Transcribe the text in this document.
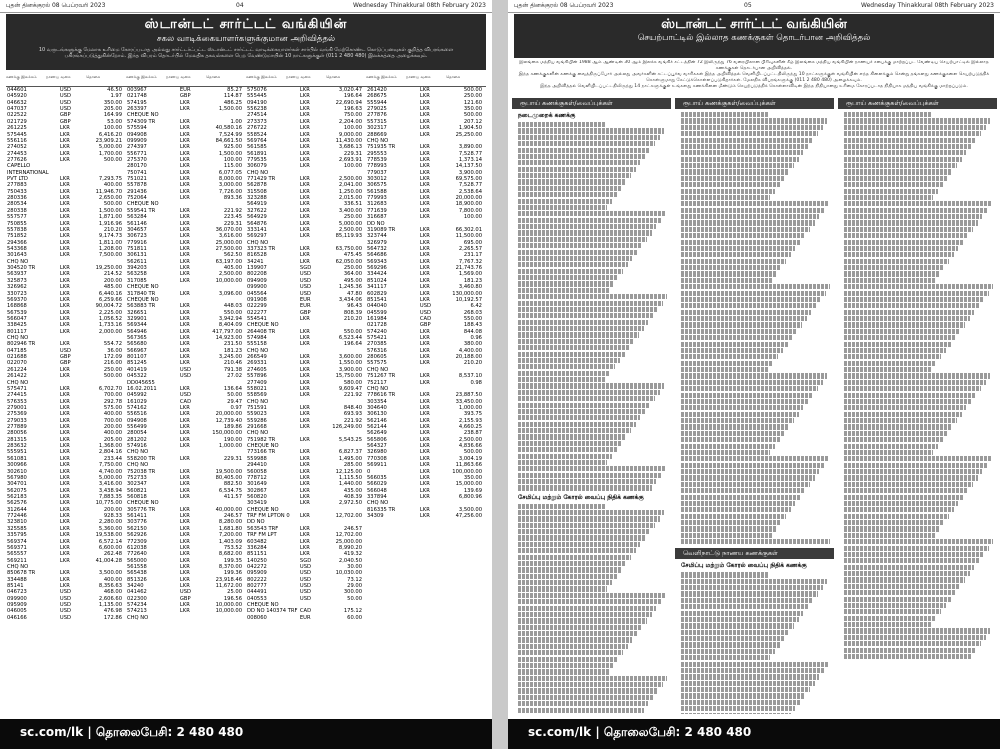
புதன் தினக்குரல் 08 பெப்ரவரி 2023	04	Wednesday Thinakkural 08th February 2023
ஸ்டான்டட் சார்ட்டட் வங்கியின்
சகல வாடிக்கையாளர்களுக்குமான அறிவித்தல்
10 வருடங்களுக்கு மேலாக உரிமை கோரப்படாத அல்லது சார்ட்டர்ட்பட்ட ஸ்டான்டட் சார்ட்டட் வாடிக்கையாளர்கள் சார்பில் வங்கி மேற்கொண்ட கொடுப்பனவுகள் குறித்த விபரங்களை பகிரங்கப்படுத்துகின்றோம். இந்த விபரம் தொடர்பில் மேலதிக தகவல்களை பெற வேண்டுமாயின் 10 நாட்களுக்குள் (011 2 480 480) இலக்கத்தை அழைக்கவும்.
கணக்கு இலக்கம்	நாணய வகை	தொகை	கணக்கு இலக்கம்	நாணய வகை	தொகை	கணக்கு இலக்கம்	நாணய வகை	தொகை	கணக்கு இலக்கம்	நாணய வகை	தொகை
044601	USD	46.50
045920	USD	1.97
046632	USD	350.00
047037	USD	205.00
022522	GBP	164.99
021729	GBP	53.00
261225	LKR	100.00
575445	LKR	6,416.20
556116	LKR	23,909.21
274052	LKR	5,000.00
274453	LKR	1,700.00
277626	LKR	500.00
CAPELLO
INTERNATIONAL
PVT LTD	LKR	7,293.75
277883	LKR	400.00
750433	LKR	11,946.70
280336	LKR	2,650.00
280534	LKR	500.00
280338	LKR	1,500.00
557577	LKR	1,871.00
750855	LKR	1,916.96
557838	LKR	210.20
751852	LKR	9,174.73
294366	LKR	1,811.00
543368	LKR	1,208.00
301643	LKR	7,500.00
CHQ NO
304520 TR	LKR	19,250.00
563937	LKR	214.52
325873	LKR	200.00
326962	LKR	485.00
330723	LKR	6,440.16
569370	LKR	6,259.66
168868	LKR	90,004.72
567539	LKR	2,225.00
566047	LKR	1,056.52
338425	LKR	1,733.16
801117	LKR	2,000.00
CHQ NO
802946 TR	LKR	554.72
047185	USD	36.00
021688	GBP	172.09
022070	GBP	216.00
261224	LKR	250.00
261422	LKR	500.00
CHQ NO
575471	LKR	6,702.70
274415	LKR	700.00
576353	LKR	292.78
279001	LKR	575.00
275369	LKR	400.00
279033	LKR	700.00
277889	LKR	200.00
280056	LKR	400.00
281315	LKR	205.00
283632	LKR	1,368.00
555951	LKR	2,804.16
561081	LKR	233.44
300966	LKR	7,750.00
302610	LKR	4,740.00
567980	LKR	5,000.00
304701	LKR	3,416.00
562075	LKR	3,438.94
562183	LKR	7,883.35
562576	LKR	10,775.00
312644	LKR	200.00
772446	LKR	928.33
323810	LKR	2,280.00
325585	LKR	5,360.00
335795	LKR	19,538.00
569374	LKR	6,572.14
569371	LKR	6,600.00
565557	LKR	262.48
569211	LKR	41,004.28
CHQ NO
850678 TR	LKR	3,500.00
334488	LKR	400.00
85141	LKR	8,356.63
046723	USD	468.00
099900	USD	2,606.60
095909	USD	1,135.00
046005	USD	476.98
046166	USD	172.86
003967	EUR	85.27
021748	GBP	114.87
574195	LKR	486.25
263397	LKR	1,500.00
CHEQUE NO
574309 TR	LKR	1.00
575594	LKR	40,580.16
094908	LKR	7,524.99
099909	LKR	84,661.50
274397	LKR	925.00
556771	LKR	1,500.00
275370	LKR	100.00
280170	LKR	115.00
750741	LKR	6,077.05
751021	LKR	8,000.00
557878	LKR	3,000.00
291436	LKR	7,726.00
752064	LKR	893.36
CHEQUE NO
559541 TR	LKR	221.92
563284	LKR	223.45
561146	LKR	229.31
304657	LKR	36,070.00
306723	LKR	3,616.00
779916	LKR	25,000.00
751811	LKR	27,500.00
306131	LKR	562.50
562611	LKR	63,197.00
394203	LKR	405.00
563258	LKR	2,500.00
317085	LKR	10,000.00
CHEQUE NO
317840 TR	LKR	3,096.00
CHEQUE NO
563883 TR	LKR	448.03
326651	LKR	550.00
329901	LKR	3,942.94
569344	LKR	8,404.09
564946	LKR	417,797.00
567365	LKR	14,923.00
565680	LKR	231.50
566967	LKR	181.23
801107	LKR	3,245.00
851245	LKR	210.46
401419	USD	791.38
045322	USD	27.02
DD045655
16.02.2011	LKR	136.64
045992	USD	50.00
161029	CAD	29.47
574162	LKR	0.97
556516	LKR	20,000.00
094908	LKR	12,739.40
556499	LKR	189.86
280054	LKR	150,000.00
281202	LKR	190.00
574916	LKR	1,000.00
CHQ NO
558200 TR	LKR	229.31
CHQ NO
752038 TR	LKR	19,500.00
752733	LKR	80,405.00
302347	LKR	882.50
560821	LKR	6,534.75
560818	LKR	411.57
CHEQUE NO
305776 TR	LKR	40,000.00
561411	LKR	246.57
303776	LKR	8,280.00
562150	LKR	1,681.80
562926	LKR	7,200.00
772309	LKR	1,403.09
612038	LKR	753.52
772640	LKR	8,682.00
565000	LKR	199.35
561558	LKR	8,370.00
565438	LKR	199.36
851326	LKR	23,918.46
34240	LKR	11,672.00
041462	USD	25.00
022300	GBP	196.56
574234	LKR	10,000.00
574213	LKR	10,000.00
CHQ NO
575076	LKR	3,020.47
555445	LKR	196.64
094190	LKR	22,690.94
556238	LKR	196.63
274514	LKR	750.00
273373	LKR	2,204.00
276722	LKR	100.00
558524	LKR	9,000.00
569764	LKR	11,430.00
561585	LKR	3,686.13
561891	LKR	229.31
779535	LKR	2,693.91
306079	LKR	100.00
CHQ NO
771429 TR	LKR	2,500.00
562878	LKR	2,041.00
315508	LKR	1,250.00
323288	LKR	2,015.00
564919	LKR	336.51
327622	LKR	3,400.00
564929	LKR	250.00
564876	LKR	5,000.00
333141	LKR	2,500.00
569297	LKR	85,119.93
CHQ NO
337323 TR	LKR	63,750.00
816528	LKR	475.45
34241	LKR	62,050.00
139907	SGD	250.00
802208	USD	364.00
094909	USD	495.00
099900	USD	1,245.36
045564	USD	47.80
091908	EUR	3,434.06
022299	EUR	96.43
022277	GBP	808.39
554541	LKR	210.20
CHEQUE NO
264408 TR	LKR	550.00
574984	LKR	6,523.44
555158	LKR	196.64
CHQ NO
266549	LKR	3,600.00
269331	LKR	1,550.00
274605	LKR	3,900.00
557896	LKR	15,750.00
277409	LKR	580.00
558021	LKR	9,609.47
558569	LKR	221.92
CHQ NO
751591	LKR	848.40
559023	LKR	693.93
559286	LKR	221.92
291668	LKR	126,249.00
CHQ NO
751982 TR	LKR	5,543.25
CHEQUE NO
773166 TR	LKR	6,827.37
559988	LKR	1,495.00
294410	LKR	285.00
560058	LKR	12,125.00
778712	LKR	1,115.50
301649	LKR	1,440.00
302867	LKR	435.00
560820	LKR	408.39
303419	LKR	2,972.50
CHEQUE NO
TRF FM LPTON 0	LKR	12,702.00
DD NO
563543 TRF	LKR	246.57
TRF FM LPT	LKR	12,702.00
603482	LKR	25,000.00
336284	LKR	8,990.20
851151	LKR	419.32
140250	SGD	2,040.50
042272	USD	30.00
095909	USD	10,030.00
802222	USD	73.12
802777	USD	29.00
044491	USD	300.00
040553	USD	50.00
CHEQUE NO
DD NO 140374 TRF CAD	175.12
008060	EUR	60.00
261420	LKR	500.00
268675	LKR	250.00
555944	LKR	121.60
279025	LKR	350.00
277876	LKR	500.00
557315	LKR	207.12
302317	LKR	1,904.50
288669	LKR	25,250.00
CHQ NO
751935 TR	LKR	3,890.00
295553	LKR	7,528.77
778539	LKR	1,373.14
778993	LKR	14,137.50
779037	LKR	3,900.00
303012	LKR	69,575.00
306575	LKR	7,528.77
561588	LKR	2,538.64
779993	LKR	20,000.00
312683	LKR	18,900.00
771639	LKR	7,800.00
316687	LKR	100.00
DD NO
319089 TR	LKR	66,302.01
323744	LKR	11,500.00
326979	LKR	695.00
564732	LKR	2,265.57
564686	LKR	231.17
569343	LKR	7,767.32
569296	LKR	21,743.76
334424	LKR	1,569.00
851024	LKR	181.23
341117	LKR	3,460.80
602829	LKR	130,000.00
851541	LKR	10,192.57
044040	USD	6.42
045599	USD	268.03
161984	CAD	550.00
021728	GBP	188.43
574240	LKR	844.08
575421	LKR	0.96
270385	LKR	380.00
576316	LKR	4,400.00
280605	LKR	20,188.00
557575	LKR	210.20
CHQ NO
751267 TR	LKR	8,537.10
752117	LKR	0.98
CHQ NO
778616 TR	LKR	23,887.50
303354	LKR	33,450.00
304640	LKR	1,000.00
306130	LKR	393.75
562146	LKR	2,155.93
562144	LKR	4,660.25
562649	LKR	238.87
565806	LKR	2,500.00
564327	LKR	4,836.66
326980	LKR	500.00
770308	LKR	3,004.19
569911	LKR	11,863.66
0	LKR	100,000.00
566035	LKR	350.00
566029	LKR	15,000.00
566048	LKR	139.69
337894	LKR	6,800.96
CHQ NO
816335 TR	LKR	3,500.00
34309	LKR	47,256.00
sc.com/lk | தொலைபேசி: 2 480 480
புதன் தினக்குரல் 08 பெப்ரவரி 2023	05	Wednesday Thinakkural 08th February 2023
ஸ்டான்டட் சார்ட்டட் வங்கியின்
செயற்பாட்டில் இல்லாத கணக்குகள் தொடர்பான அறிவித்தல்
இலங்கை மத்திய வங்கியின் 1988 ஆம் ஆண்டின் 30 ஆம் இலக்க வங்கிச் சட்டத்தின் 72 இலிருந்து 76 வரையிலான பிரிவுகளின் கீழ் இலங்கை மத்திய வங்கியின் நாணயச் சபைக்கு மாற்றப்பட வேண்டிய செயற்பாட்டில் இல்லாத கணக்குகள் தொடர்பான அறிவித்தல்.
இந்த கணக்குகளின் கணக்கு வைத்திருப்போர் அல்லது அவர்களின் சட்டப்பூர்வ வாரிசுகள் இந்த அறிவித்தல் வெளியிடப்பட்டதிலிருந்து 10 நாட்களுக்குள் வங்கியின் எந்த கிளைக்கும் சென்று தங்களது கணக்குகளை செயற்படுத்திக் கொள்ளுமாறு கேட்டுக்கொள்ளப்படுகிறார்கள். மேலதிக விபரங்களுக்கு (011 2 480 480) அழைக்கவும்.
இந்த அறிவித்தல் வெளியிடப்பட்டதிலிருந்து 14 நாட்களுக்குள் உங்களது கணக்கினை மீண்டும் செயற்படுத்திக் கொள்ளாவிடின் இந்த நிதியானது உரிமை கோரப்படாத நிதியாக மத்திய வங்கிக்கு மாற்றப்படும்.
ரூபாய் கணக்குகள்/வைப்புக்கள்
நடைமுறைக் கணக்கு
சேமிப்பு மற்றும் கோரல் வைப்பு நிதிக் கணக்கு
ரூபாய் கணக்குகள்/வைப்புக்கள்
வெளிநாட்டு நாணய கணக்குகள்
சேமிப்பு மற்றும் கோரல் வைப்பு நிதிக் கணக்கு
ரூபாய் கணக்குகள்/வைப்புக்கள்
sc.com/lk | தொலைபேசி: 2 480 480
